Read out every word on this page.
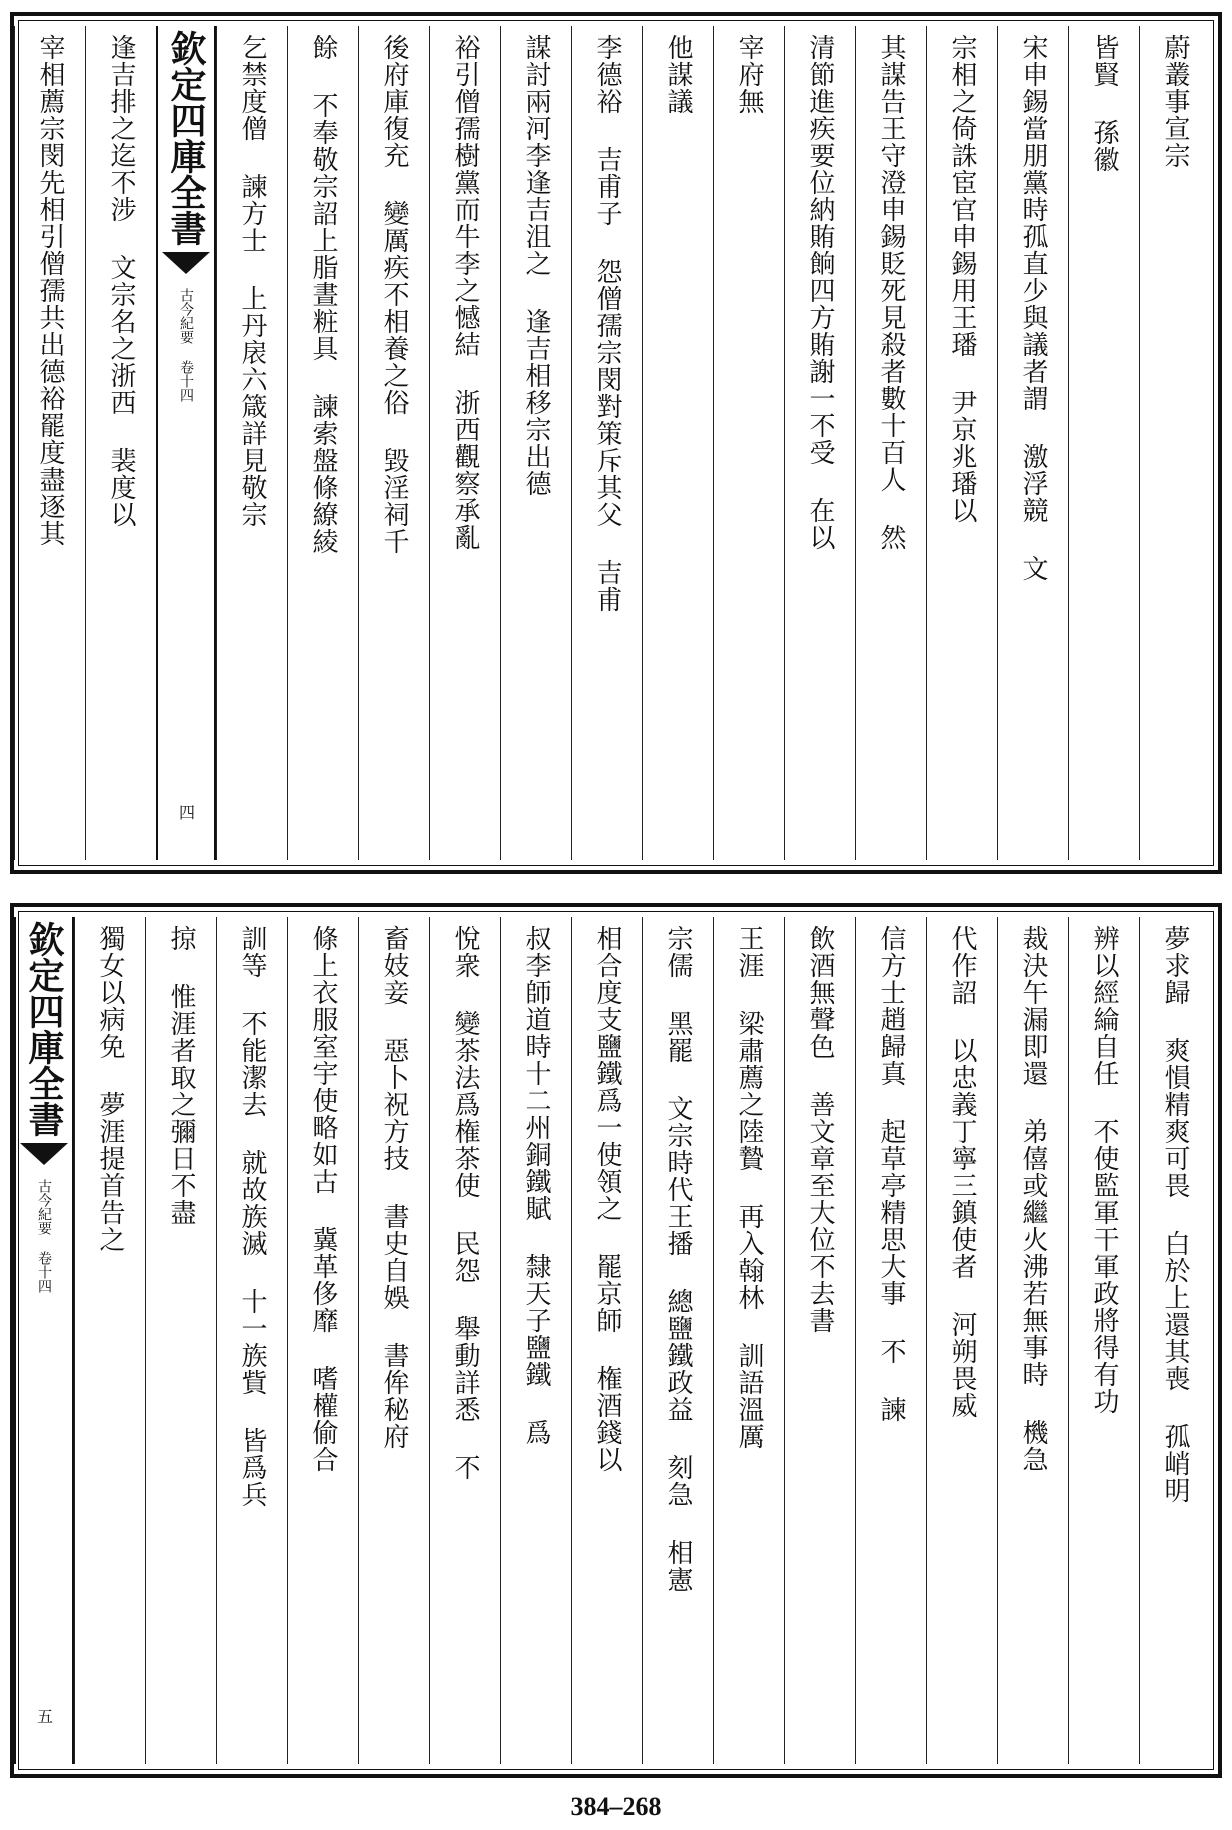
蔚叢事宣宗
皆賢 孫徽
宋申錫當朋黨時孤直少與議者謂 激浮競 文
宗相之倚誅宦官申錫用王璠 尹京兆璠以
其謀告王守澄申錫貶死見殺者數十百人 然
清節進疾要位納賄餉四方賄謝一不受 在以
宰府無
他謀議
李德裕 吉甫子 怨僧孺宗閔對策斥其父 吉甫
謀討兩河李逢吉沮之 逢吉相移宗出德
裕引僧孺樹黨而牛李之憾結 浙西觀察承亂
後府庫復充 變厲疾不相養之俗 毀淫祠千
餘 不奉敬宗詔上脂晝粧具 諫索盤條繚綾
乞禁度僧 諫方士 上丹扆六箴詳見敬宗
欽定四庫全書
古今紀要 卷十四
四
逢吉排之迄不涉 文宗名之浙西 裴度以
宰相薦宗閔先相引僧孺共出德裕罷度盡逐其
夢求歸 爽愪精爽可畏 白於上還其喪 孤峭明
辨以經綸自任 不使監軍干軍政將得有功
裁決午漏即還 弟僖或繼火沸若無事時 機急
代作詔 以忠義丁寧三鎮使者 河朔畏威
信方士趙歸真 起草亭精思大事 不 諫
飲酒無聲色 善文章至大位不去書
王涯 梁肅薦之陸贄 再入翰林 訓語溫厲
宗儒 黑罷 文宗時代王播 總鹽鐵政益 刻急 相憲
相合度支鹽鐵爲一使領之 罷京師 権酒錢以
叔李師道時十二州銅鐵賦 隸天子鹽鐵 爲
悅衆 變茶法爲権茶使 民怨 舉動詳悉 不
畜妓妾 惡卜祝方技 書史自娛 書侔秘府
條上衣服室宇使略如古 冀革侈靡 嗜權偷合
訓等 不能潔去 就故族滅 十一族貲 皆爲兵
掠 惟涯者取之彌日不盡
獨女以病免 夢涯提首告之
欽定四庫全書
古今紀要 卷十四
五
384–268
